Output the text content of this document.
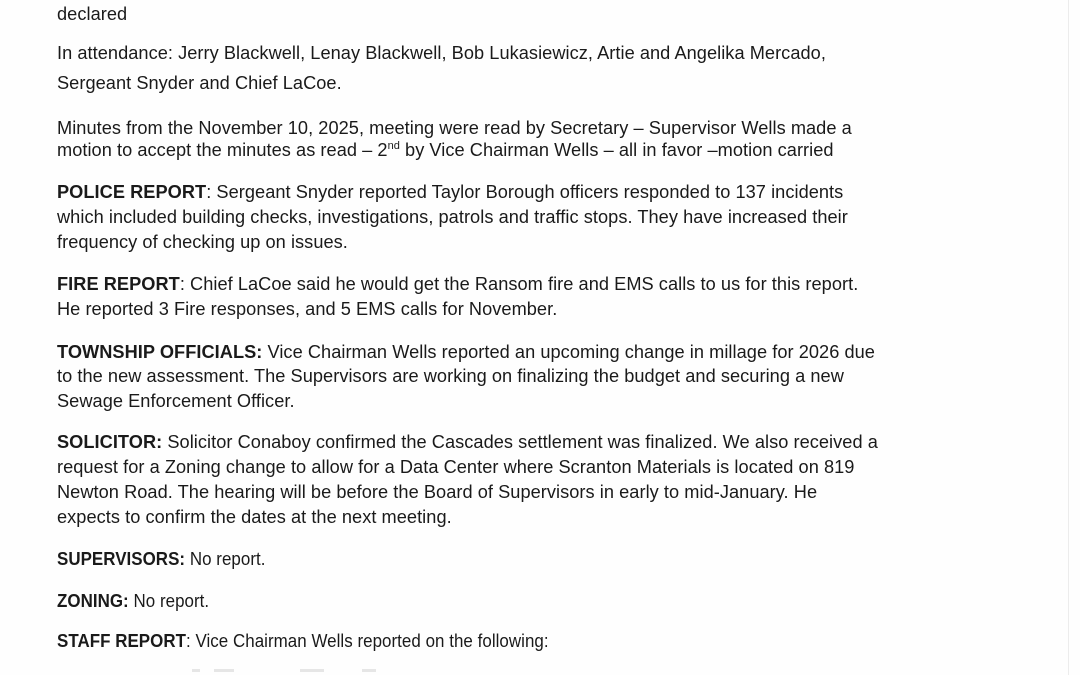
declared
In attendance: Jerry Blackwell, Lenay Blackwell, Bob Lukasiewicz, Artie and Angelika Mercado,
Sergeant Snyder and Chief LaCoe.
Minutes from the November 10, 2025, meeting were read by Secretary – Supervisor Wells made a
motion to accept the minutes as read – 2nd by Vice Chairman Wells – all in favor –motion carried
POLICE REPORT: Sergeant Snyder reported Taylor Borough officers responded to 137 incidents
which included building checks, investigations, patrols and traffic stops. They have increased their
frequency of checking up on issues.
FIRE REPORT: Chief LaCoe said he would get the Ransom fire and EMS calls to us for this report.
He reported 3 Fire responses, and 5 EMS calls for November.
TOWNSHIP OFFICIALS: Vice Chairman Wells reported an upcoming change in millage for 2026 due
to the new assessment. The Supervisors are working on finalizing the budget and securing a new
Sewage Enforcement Officer.
SOLICITOR: Solicitor Conaboy confirmed the Cascades settlement was finalized. We also received a
request for a Zoning change to allow for a Data Center where Scranton Materials is located on 819
Newton Road. The hearing will be before the Board of Supervisors in early to mid-January. He
expects to confirm the dates at the next meeting.
SUPERVISORS: No report.
ZONING: No report.
STAFF REPORT: Vice Chairman Wells reported on the following:
